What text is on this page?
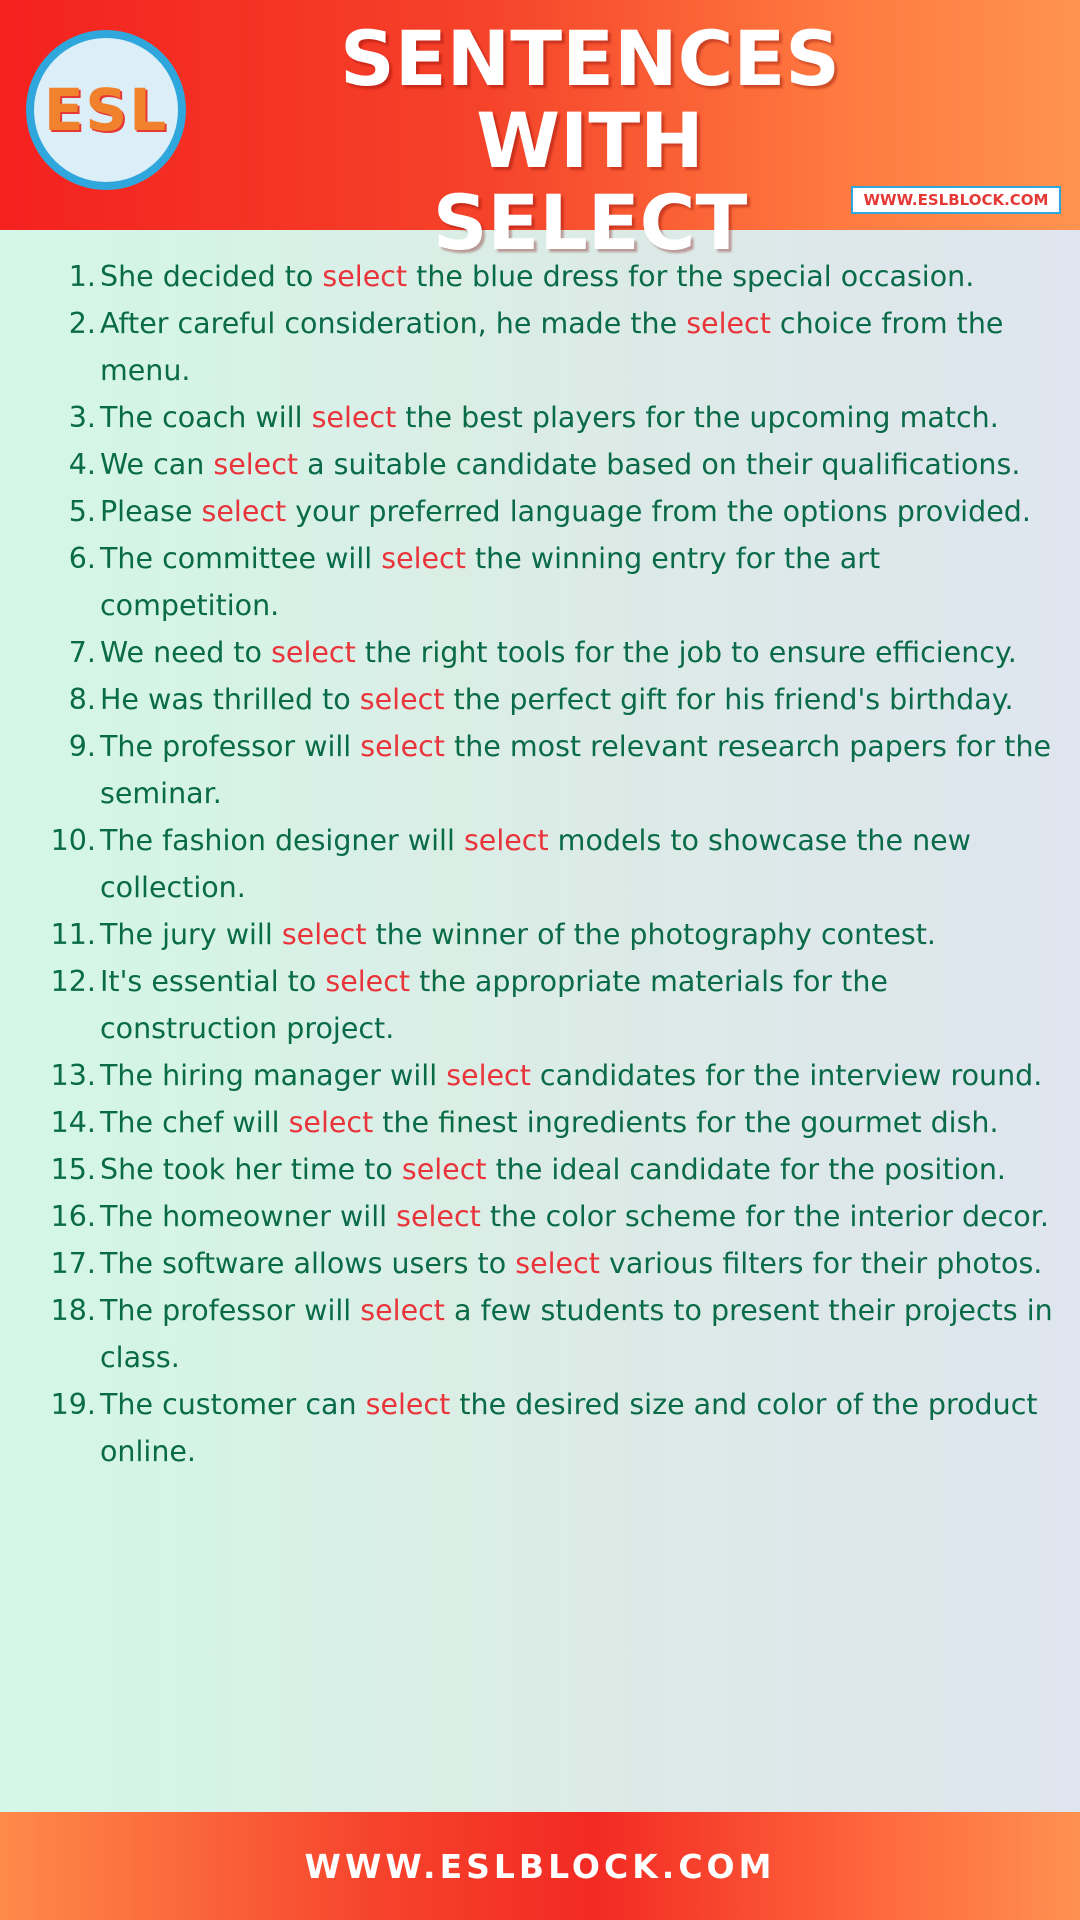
ESL
SENTENCES WITH
SELECT	WWW.ESLBLOCK.COM
1. She decided to select the blue dress for the special occasion.
2. After careful consideration, he made the select choice from the menu.
3. The coach will select the best players for the upcoming match.
4. We can select a suitable candidate based on their qualifications.
5. Please select your preferred language from the options provided.
6. The committee will select the winning entry for the art competition.
7. We need to select the right tools for the job to ensure efficiency.
8. He was thrilled to select the perfect gift for his friend's birthday.
9. The professor will select the most relevant research papers for the seminar.
10. The fashion designer will select models to showcase the new collection.
11. The jury will select the winner of the photography contest.
12. It's essential to select the appropriate materials for the construction project.
13. The hiring manager will select candidates for the interview round.
14. The chef will select the finest ingredients for the gourmet dish.
15. She took her time to select the ideal candidate for the position.
16. The homeowner will select the color scheme for the interior decor.
17. The software allows users to select various filters for their photos.
18. The professor will select a few students to present their projects in class.
19. The customer can select the desired size and color of the product online.
WWW.ESLBLOCK.COM
